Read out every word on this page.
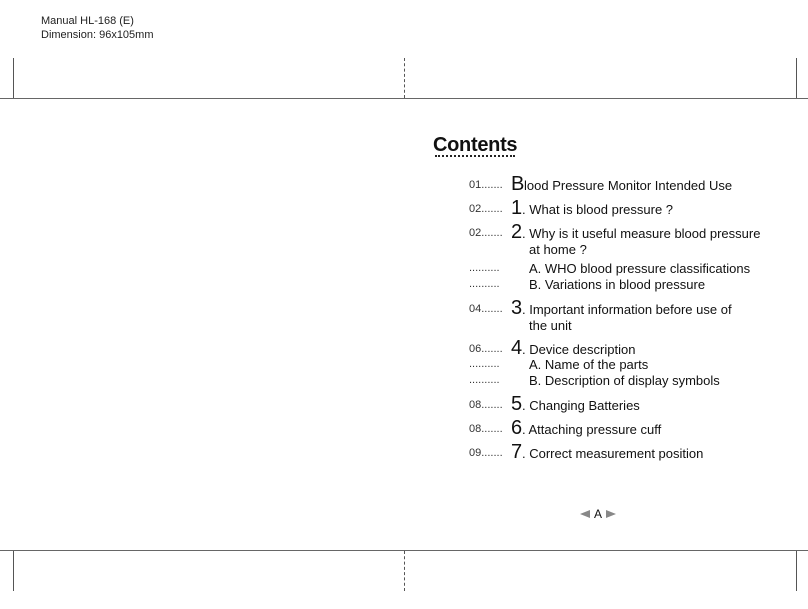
Manual HL-168 (E)
Dimension: 96x105mm
Contents
01....... B lood Pressure Monitor Intended Use
02....... 1 . What is blood pressure ?
02....... 2 . Why is it useful measure blood pressure
at home ?
.......... A. WHO blood pressure classifications
.......... B. Variations in blood pressure
04....... 3 . Important information before use of
the unit
06....... 4 . Device description
.......... A. Name of the parts
.......... B. Description of display symbols
08....... 5 . Changing Batteries
08....... 6 . Attaching pressure cuff
09....... 7 . Correct measurement position
A
